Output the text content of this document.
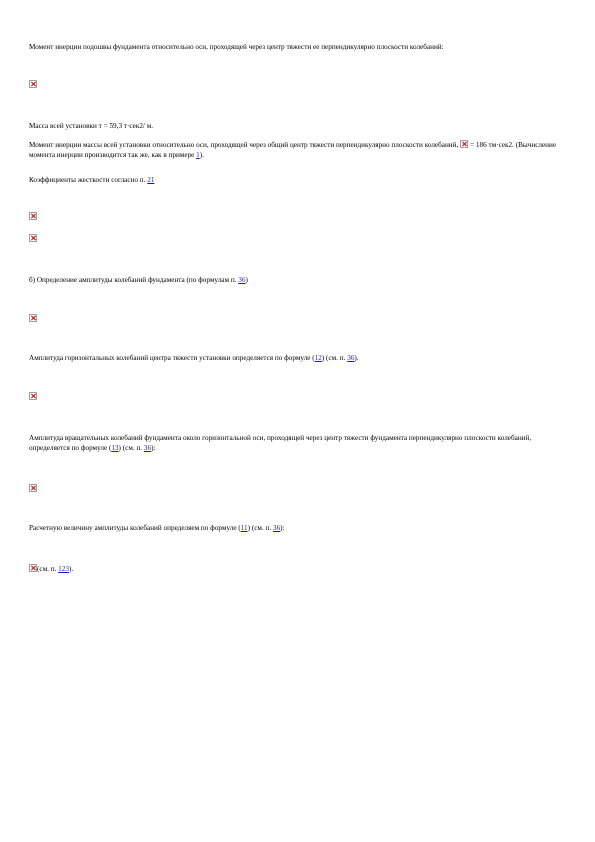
Момент инерции подошвы фундамента относительно оси, проходящей через центр тяжести ее перпендикулярно плоскости колебаний:

Масса всей установки т = 59,3 т·сек2/ м.

Момент инерции массы всей установки относительно оси, проходящей через общий центр тяжести перпендикулярно плоскости колебаний, = 186 тм·сек2. (Вычисление момента инерции производится так же, как в примере 1).

Коэффициенты жесткости согласно п. 21

б) Определение амплитуды колебаний фундамента (по формулам п. 36)

Амплитуда горизонтальных колебаний центра тяжести установки определяется по формуле (12) (см. п. 36).

Амплитуда вращательных колебаний фундамента около горизонтальной оси, проходящей через центр тяжести фундамента перпендикулярно плоскости колебаний, определяется по формуле (13) (см. п. 36):

Расчетную величину амплитуды колебаний определяем по формуле (11) (см. п. 36):

(см. п. 123).
